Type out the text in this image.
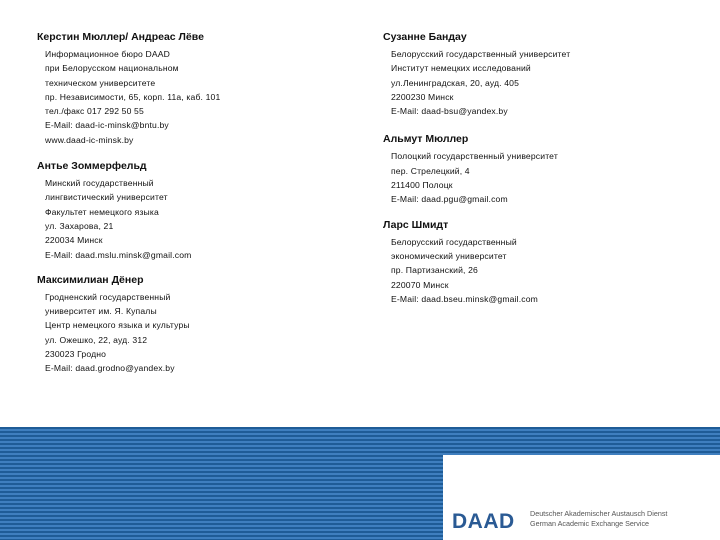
Керстин Мюллер/ Андреас Лёве
Информационное бюро DAAD
при Белорусском национальном
техническом университете
пр. Независимости, 65, корп. 11а, каб. 101
тел./факс 017 292 50 55
E-Mail: daad-ic-minsk@bntu.by
www.daad-ic-minsk.by
Антье Зоммерфельд
Минский государственный
лингвистический университет
Факультет немецкого языка
ул. Захарова, 21
220034 Минск
E-Mail: daad.mslu.minsk@gmail.com
Максимилиан Дёнер
Гродненский государственный
университет им. Я. Купалы
Центр немецкого языка и культуры
ул. Ожешко, 22, ауд. 312
230023 Гродно
E-Mail: daad.grodno@yandex.by
Сузанне Бандау
Белорусский государственный университет
Институт немецких исследований
ул.Ленинградская, 20, ауд. 405
2200230 Минск
E-Mail: daad-bsu@yandex.by
Альмут Мюллер
Полоцкий государственный университет
пер. Стрелецкий, 4
211400 Полоцк
E-Mail: daad.pgu@gmail.com
Ларс Шмидт
Белорусский государственный
экономический университет
пр. Партизанский, 26
220070 Минск
E-Mail: daad.bseu.minsk@gmail.com
DAAD Deutscher Akademischer Austausch Dienst
German Academic Exchange Service
